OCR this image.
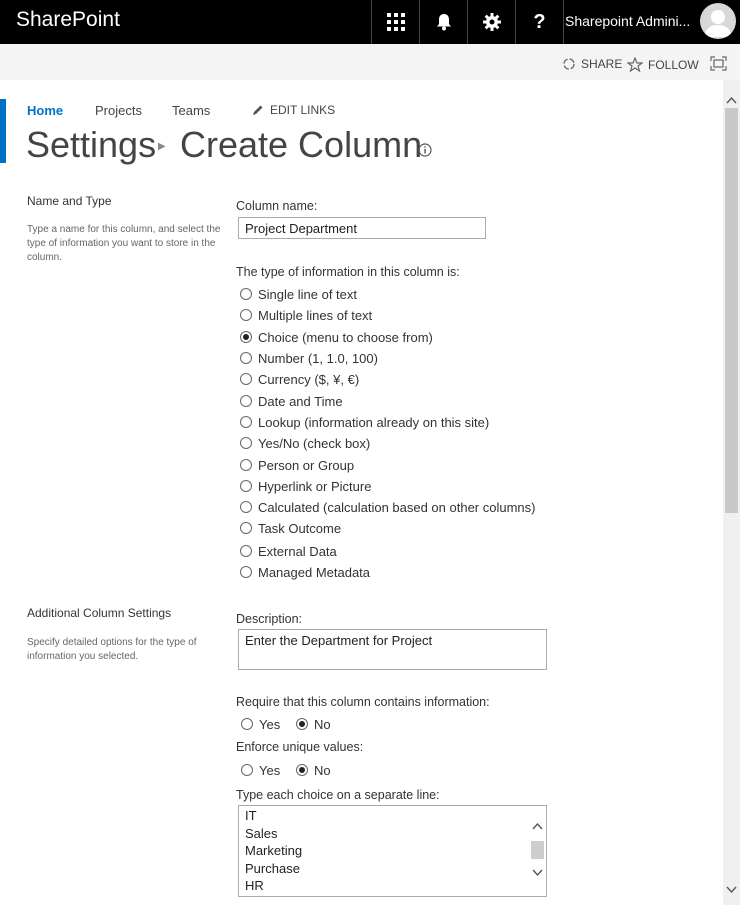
SharePoint	? Sharepoint Admini...
SHARE FOLLOW
Home Projects Teams	EDIT LINKS
Settings ▶ Create Column
Name and Type
Type a name for this column, and select the type of information you want to store in the column.
Column name:
Project Department
The type of information in this column is:
Single line of text
Multiple lines of text
Choice (menu to choose from)
Number (1, 1.0, 100)
Currency ($, ¥, €)
Date and Time
Lookup (information already on this site)
Yes/No (check box)
Person or Group
Hyperlink or Picture
Calculated (calculation based on other columns)
Task Outcome
External Data
Managed Metadata
Additional Column Settings
Specify detailed options for the type of information you selected.
Description:
Enter the Department for Project
Require that this column contains information:
Yes	No
Enforce unique values:
Yes	No
Type each choice on a separate line:
IT
Sales
Marketing
Purchase
HR
